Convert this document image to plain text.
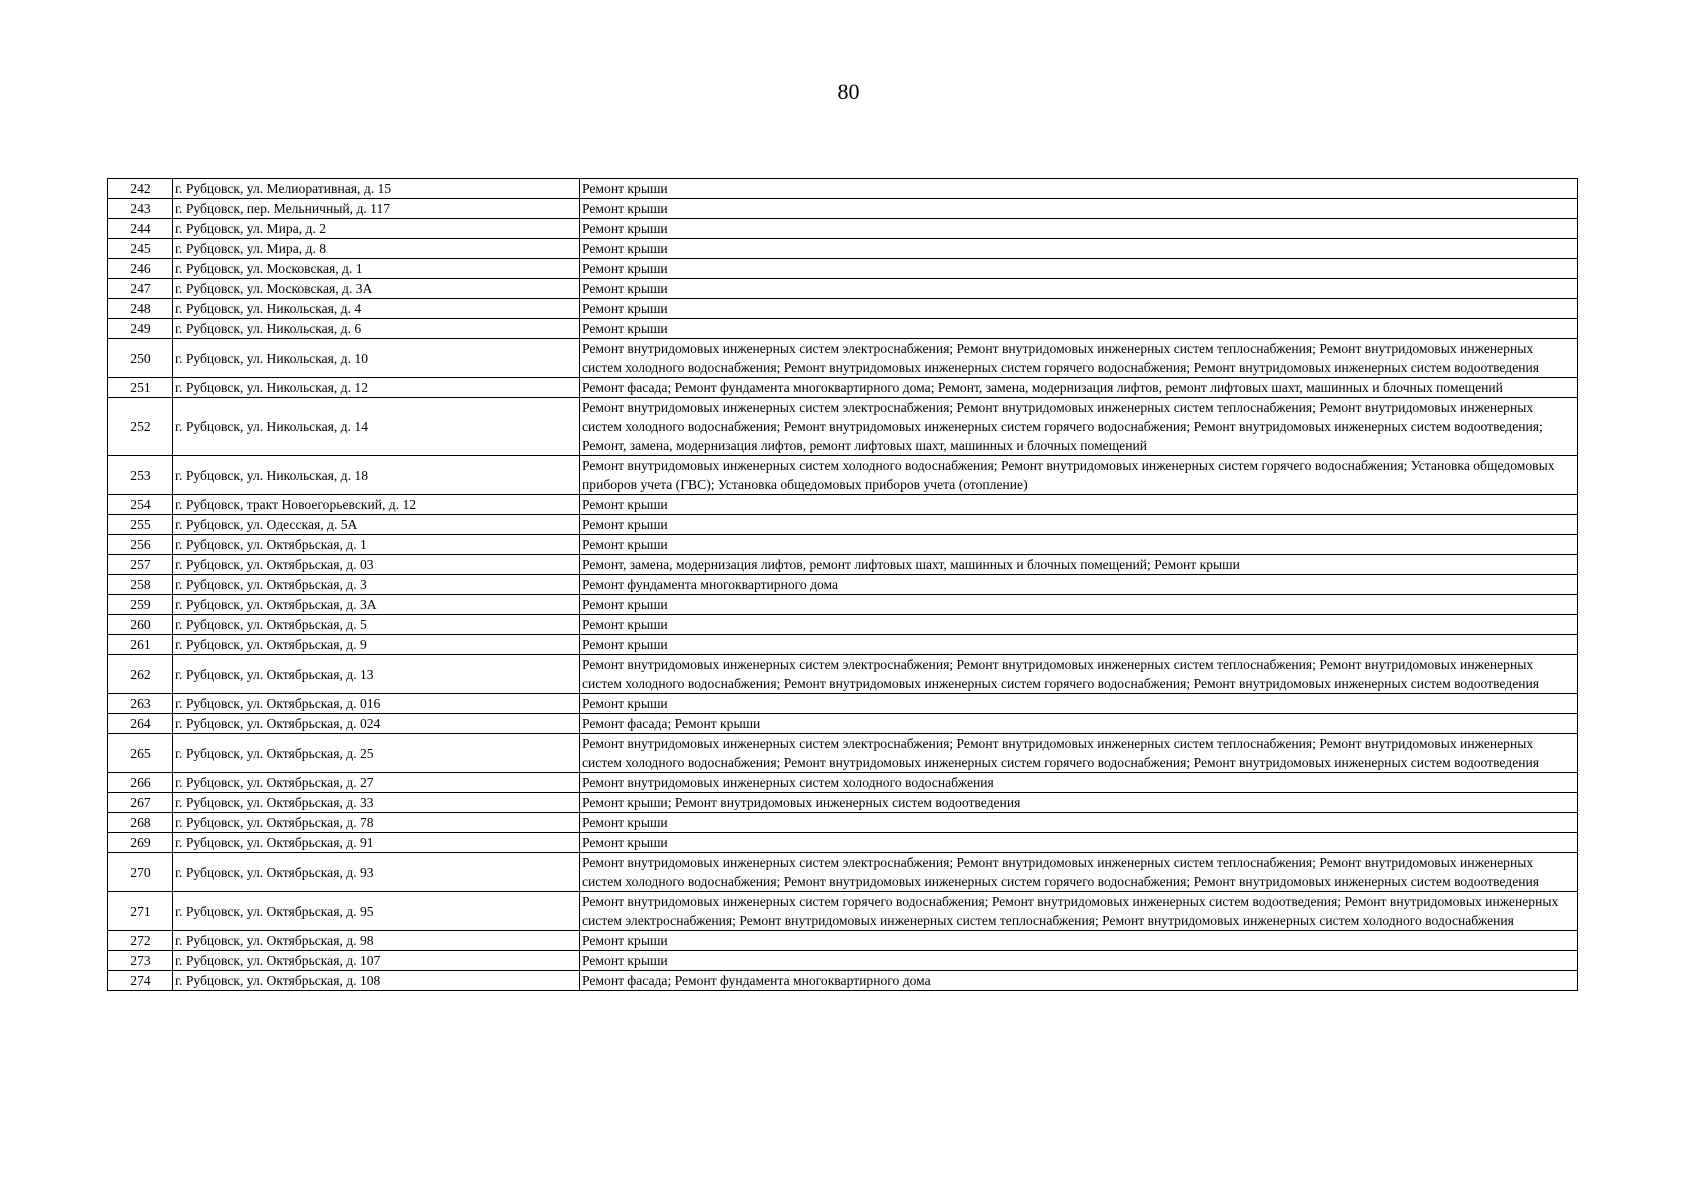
80
242	г. Рубцовск, ул. Мелиоративная, д. 15	Ремонт крыши
243	г. Рубцовск, пер. Мельничный, д. 117	Ремонт крыши
244	г. Рубцовск, ул. Мира, д. 2	Ремонт крыши
245	г. Рубцовск, ул. Мира, д. 8	Ремонт крыши
246	г. Рубцовск, ул. Московская, д. 1	Ремонт крыши
247	г. Рубцовск, ул. Московская, д. 3А	Ремонт крыши
248	г. Рубцовск, ул. Никольская, д. 4	Ремонт крыши
249	г. Рубцовск, ул. Никольская, д. 6	Ремонт крыши
250	г. Рубцовск, ул. Никольская, д. 10	Ремонт внутридомовых инженерных систем электроснабжения; Ремонт внутридомовых инженерных систем теплоснабжения; Ремонт внутридомовых инженерных систем холодного водоснабжения; Ремонт внутридомовых инженерных систем горячего водоснабжения; Ремонт внутридомовых инженерных систем водоотведения
251	г. Рубцовск, ул. Никольская, д. 12	Ремонт фасада; Ремонт фундамента многоквартирного дома; Ремонт, замена, модернизация лифтов, ремонт лифтовых шахт, машинных и блочных помещений
252	г. Рубцовск, ул. Никольская, д. 14	Ремонт внутридомовых инженерных систем электроснабжения; Ремонт внутридомовых инженерных систем теплоснабжения; Ремонт внутридомовых инженерных систем холодного водоснабжения; Ремонт внутридомовых инженерных систем горячего водоснабжения; Ремонт внутридомовых инженерных систем водоотведения; Ремонт, замена, модернизация лифтов, ремонт лифтовых шахт, машинных и блочных помещений
253	г. Рубцовск, ул. Никольская, д. 18	Ремонт внутридомовых инженерных систем холодного водоснабжения; Ремонт внутридомовых инженерных систем горячего водоснабжения; Установка общедомовых приборов учета (ГВС); Установка общедомовых приборов учета (отопление)
254	г. Рубцовск, тракт Новоегорьевский, д. 12	Ремонт крыши
255	г. Рубцовск, ул. Одесская, д. 5А	Ремонт крыши
256	г. Рубцовск, ул. Октябрьская, д. 1	Ремонт крыши
257	г. Рубцовск, ул. Октябрьская, д. 03	Ремонт, замена, модернизация лифтов, ремонт лифтовых шахт, машинных и блочных помещений; Ремонт крыши
258	г. Рубцовск, ул. Октябрьская, д. 3	Ремонт фундамента многоквартирного дома
259	г. Рубцовск, ул. Октябрьская, д. 3А	Ремонт крыши
260	г. Рубцовск, ул. Октябрьская, д. 5	Ремонт крыши
261	г. Рубцовск, ул. Октябрьская, д. 9	Ремонт крыши
262	г. Рубцовск, ул. Октябрьская, д. 13	Ремонт внутридомовых инженерных систем электроснабжения; Ремонт внутридомовых инженерных систем теплоснабжения; Ремонт внутридомовых инженерных систем холодного водоснабжения; Ремонт внутридомовых инженерных систем горячего водоснабжения; Ремонт внутридомовых инженерных систем водоотведения
263	г. Рубцовск, ул. Октябрьская, д. 016	Ремонт крыши
264	г. Рубцовск, ул. Октябрьская, д. 024	Ремонт фасада; Ремонт крыши
265	г. Рубцовск, ул. Октябрьская, д. 25	Ремонт внутридомовых инженерных систем электроснабжения; Ремонт внутридомовых инженерных систем теплоснабжения; Ремонт внутридомовых инженерных систем холодного водоснабжения; Ремонт внутридомовых инженерных систем горячего водоснабжения; Ремонт внутридомовых инженерных систем водоотведения
266	г. Рубцовск, ул. Октябрьская, д. 27	Ремонт внутридомовых инженерных систем холодного водоснабжения
267	г. Рубцовск, ул. Октябрьская, д. 33	Ремонт крыши; Ремонт внутридомовых инженерных систем водоотведения
268	г. Рубцовск, ул. Октябрьская, д. 78	Ремонт крыши
269	г. Рубцовск, ул. Октябрьская, д. 91	Ремонт крыши
270	г. Рубцовск, ул. Октябрьская, д. 93	Ремонт внутридомовых инженерных систем электроснабжения; Ремонт внутридомовых инженерных систем теплоснабжения; Ремонт внутридомовых инженерных систем холодного водоснабжения; Ремонт внутридомовых инженерных систем горячего водоснабжения; Ремонт внутридомовых инженерных систем водоотведения
271	г. Рубцовск, ул. Октябрьская, д. 95	Ремонт внутридомовых инженерных систем горячего водоснабжения; Ремонт внутридомовых инженерных систем водоотведения; Ремонт внутридомовых инженерных систем электроснабжения; Ремонт внутридомовых инженерных систем теплоснабжения; Ремонт внутридомовых инженерных систем холодного водоснабжения
272	г. Рубцовск, ул. Октябрьская, д. 98	Ремонт крыши
273	г. Рубцовск, ул. Октябрьская, д. 107	Ремонт крыши
274	г. Рубцовск, ул. Октябрьская, д. 108	Ремонт фасада; Ремонт фундамента многоквартирного дома
